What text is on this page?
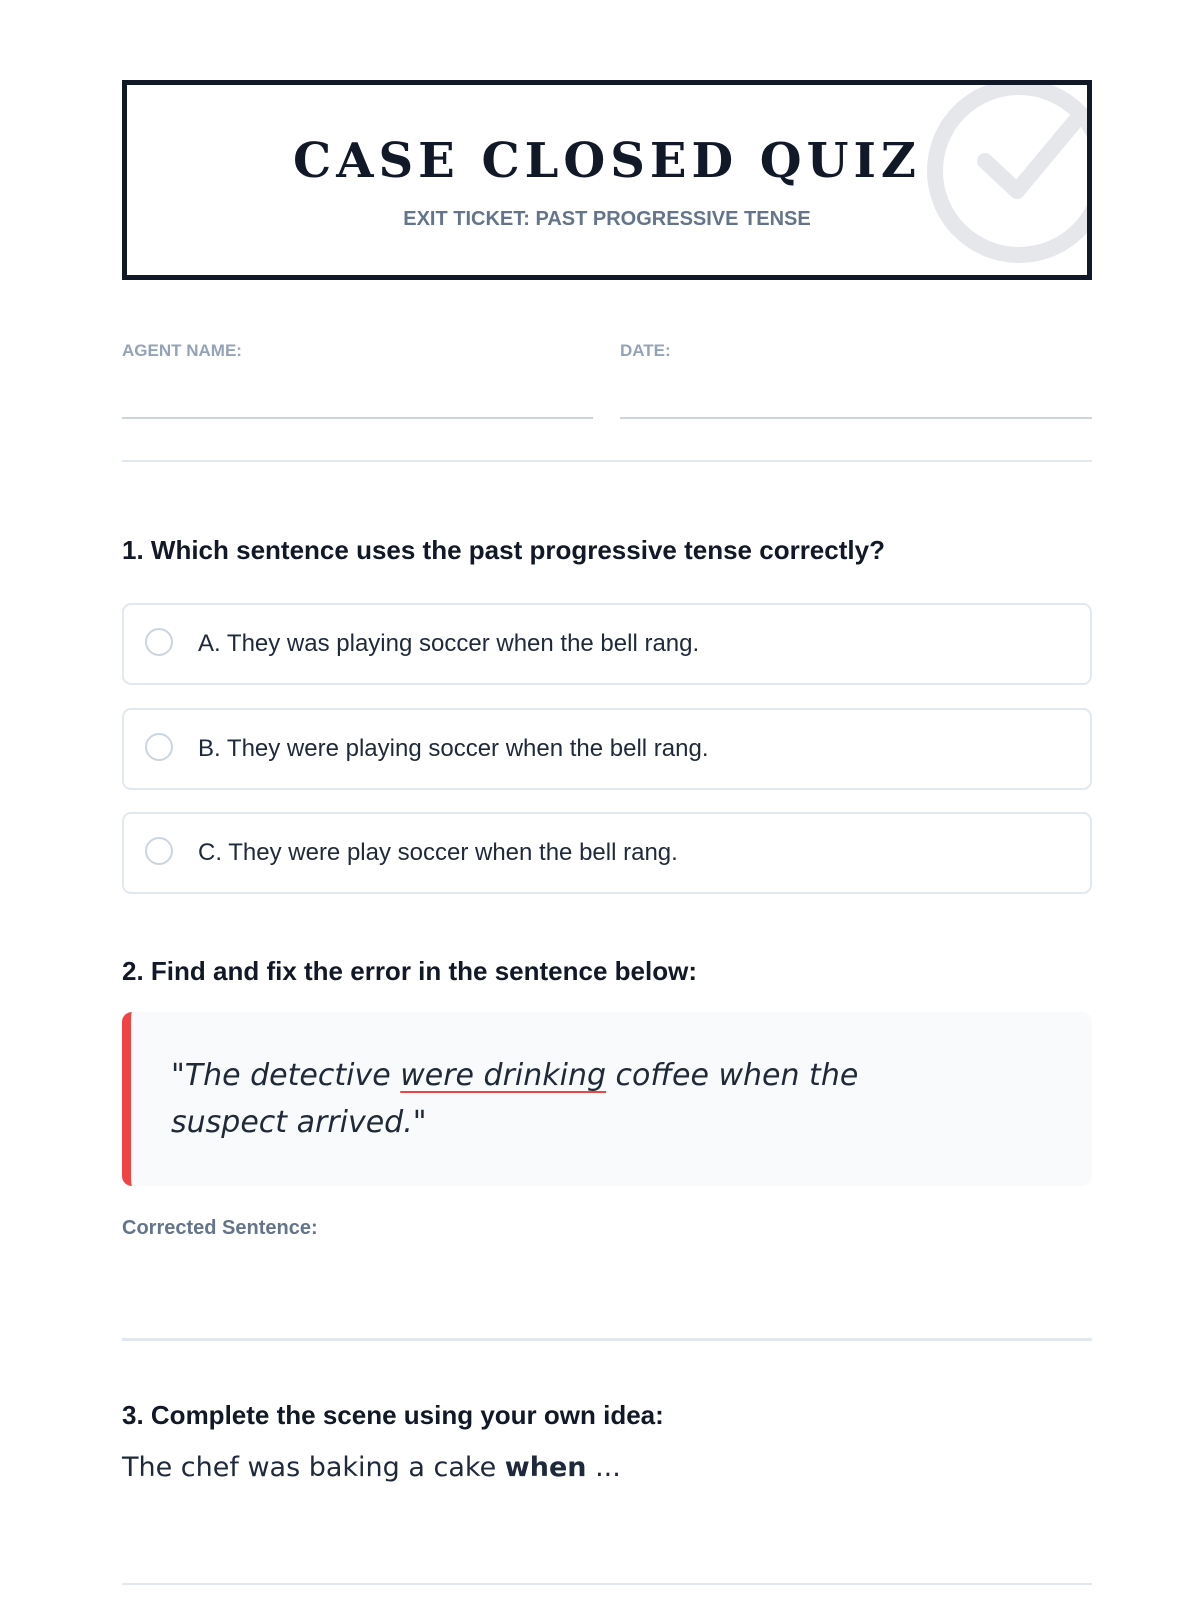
CASE CLOSED QUIZ

EXIT TICKET: PAST PROGRESSIVE TENSE

AGENT NAME:	DATE:
1. Which sentence uses the past progressive tense correctly?
A. They was playing soccer when the bell rang.
B. They were playing soccer when the bell rang.
C. They were play soccer when the bell rang.
2. Find and fix the error in the sentence below:
"The detective were drinking coffee when the suspect arrived."
Corrected Sentence:
3. Complete the scene using your own idea:
The chef was baking a cake when ...
